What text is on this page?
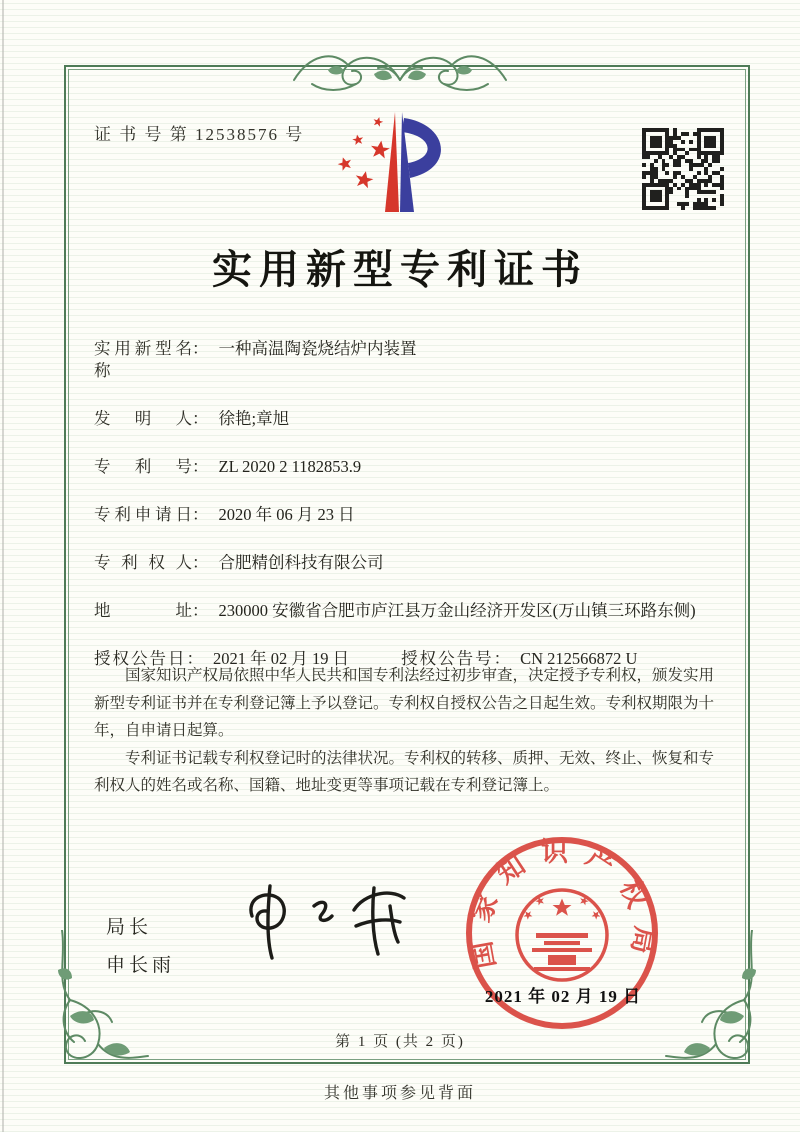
证 书 号 第 12538576 号
实用新型专利证书
实用新型名称
： 一种高温陶瓷烧结炉内装置
发明人 ： 徐艳;章旭
专利号 ： ZL 2020 2 1182853.9
专利申请日 ： 2020 年 06 月 23 日
专利权人 ： 合肥精创科技有限公司
地址 ： 230000 安徽省合肥市庐江县万金山经济开发区(万山镇三环路东侧)
授权公告日 ： 2021 年 02 月 19 日	授权公告号 ： CN 212566872 U

国家知识产权局依照中华人民共和国专利法经过初步审查，决定授予专利权，颁发实用新型专利证书并在专利登记簿上予以登记。专利权自授权公告之日起生效。专利权期限为十年，自申请日起算。

专利证书记载专利权登记时的法律状况。专利权的转移、质押、无效、终止、恢复和专利权人的姓名或名称、国籍、地址变更等事项记载在专利登记簿上。

局长
申长雨	国家知识产权局
2021 年 02 月 19 日
第 1 页 (共 2 页)
其他事项参见背面
